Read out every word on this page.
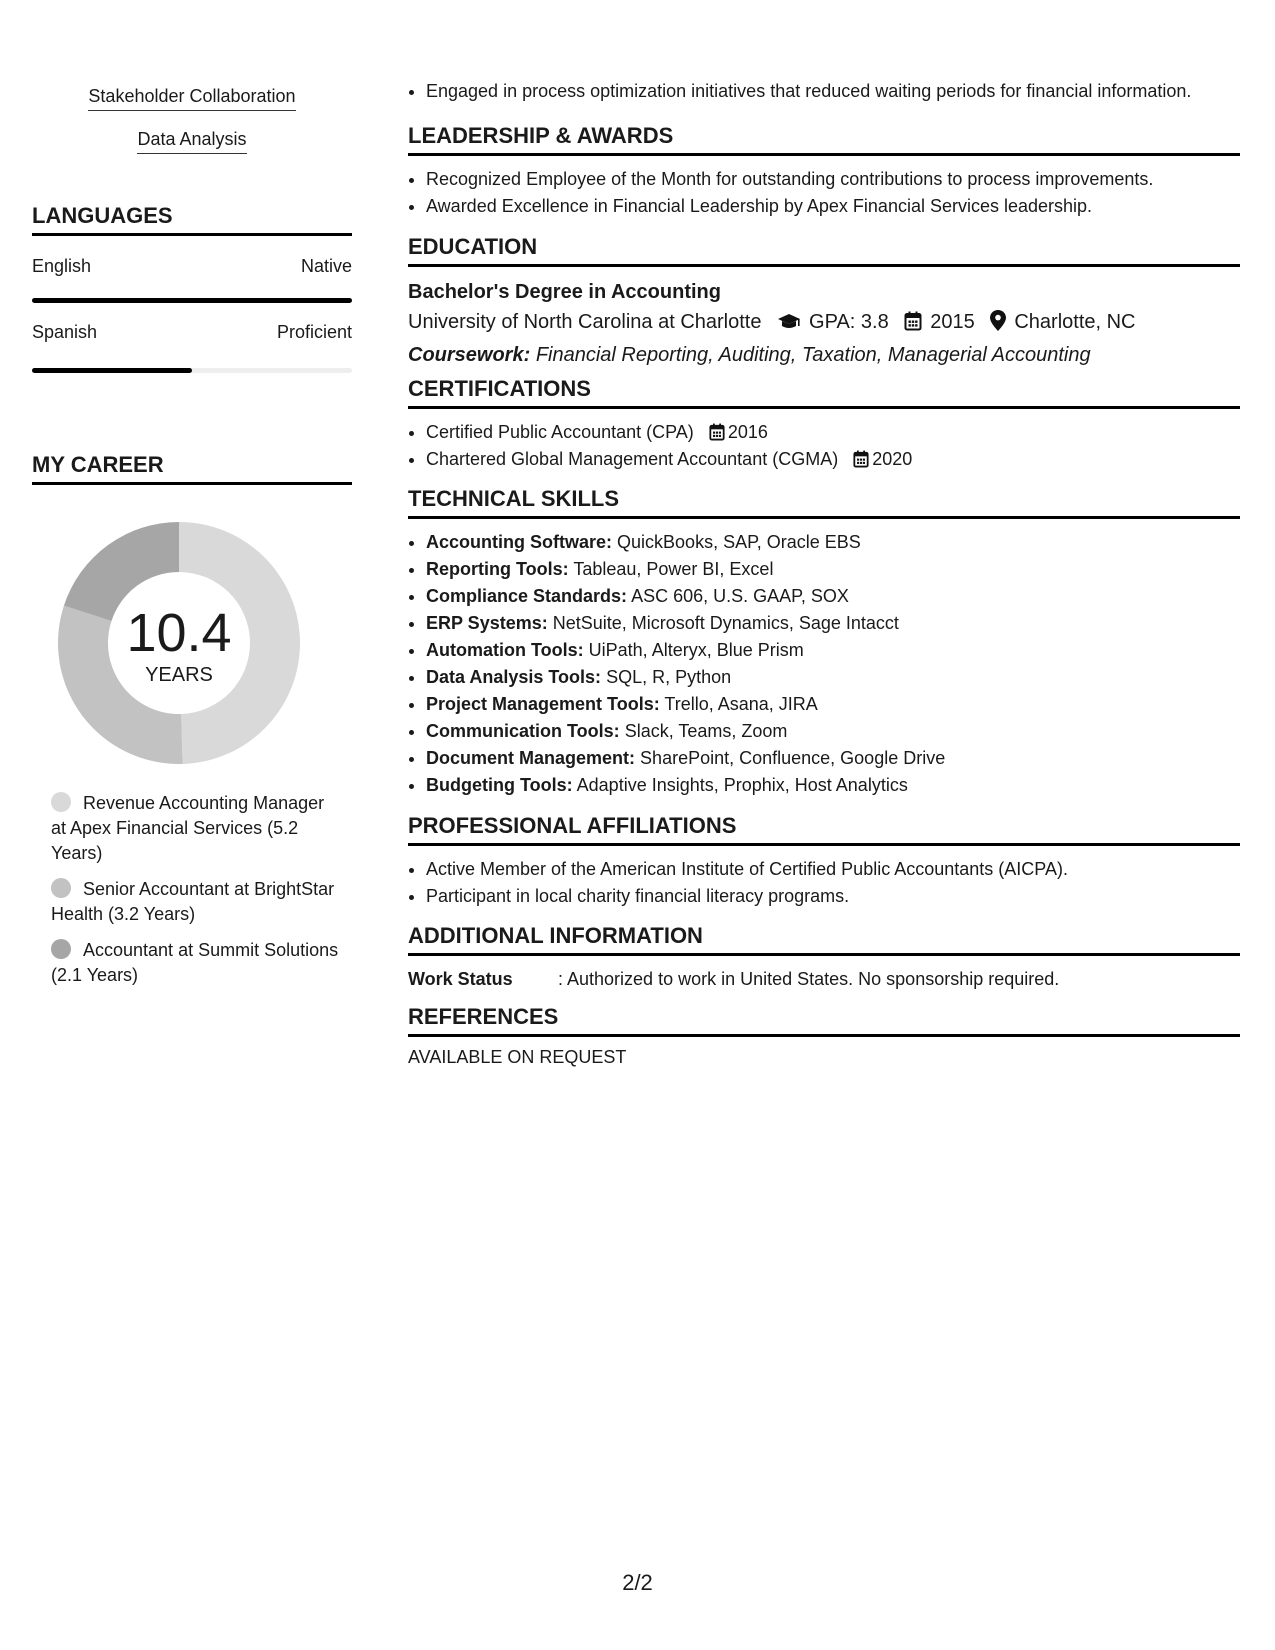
Stakeholder Collaboration
Data Analysis
LANGUAGES
English	Native
Spanish	Proficient
MY CAREER
10.4
YEARS
Revenue Accounting Manager at Apex Financial Services (5.2 Years)
Senior Accountant at BrightStar Health (3.2 Years)
Accountant at Summit Solutions (2.1 Years)
• Engaged in process optimization initiatives that reduced waiting periods for financial information.
LEADERSHIP & AWARDS
• Recognized Employee of the Month for outstanding contributions to process improvements.
• Awarded Excellence in Financial Leadership by Apex Financial Services leadership.
EDUCATION
Bachelor's Degree in Accounting
University of North Carolina at Charlotte GPA: 3.8 2015 Charlotte, NC
Coursework: Financial Reporting, Auditing, Taxation, Managerial Accounting
CERTIFICATIONS
• Certified Public Accountant (CPA) 2016
• Chartered Global Management Accountant (CGMA) 2020
TECHNICAL SKILLS
• Accounting Software: QuickBooks, SAP, Oracle EBS
• Reporting Tools: Tableau, Power BI, Excel
• Compliance Standards: ASC 606, U.S. GAAP, SOX
• ERP Systems: NetSuite, Microsoft Dynamics, Sage Intacct
• Automation Tools: UiPath, Alteryx, Blue Prism
• Data Analysis Tools: SQL, R, Python
• Project Management Tools: Trello, Asana, JIRA
• Communication Tools: Slack, Teams, Zoom
• Document Management: SharePoint, Confluence, Google Drive
• Budgeting Tools: Adaptive Insights, Prophix, Host Analytics
PROFESSIONAL AFFILIATIONS
• Active Member of the American Institute of Certified Public Accountants (AICPA).
• Participant in local charity financial literacy programs.
ADDITIONAL INFORMATION
Work Status	: Authorized to work in United States. No sponsorship required.
REFERENCES
AVAILABLE ON REQUEST
2/2
